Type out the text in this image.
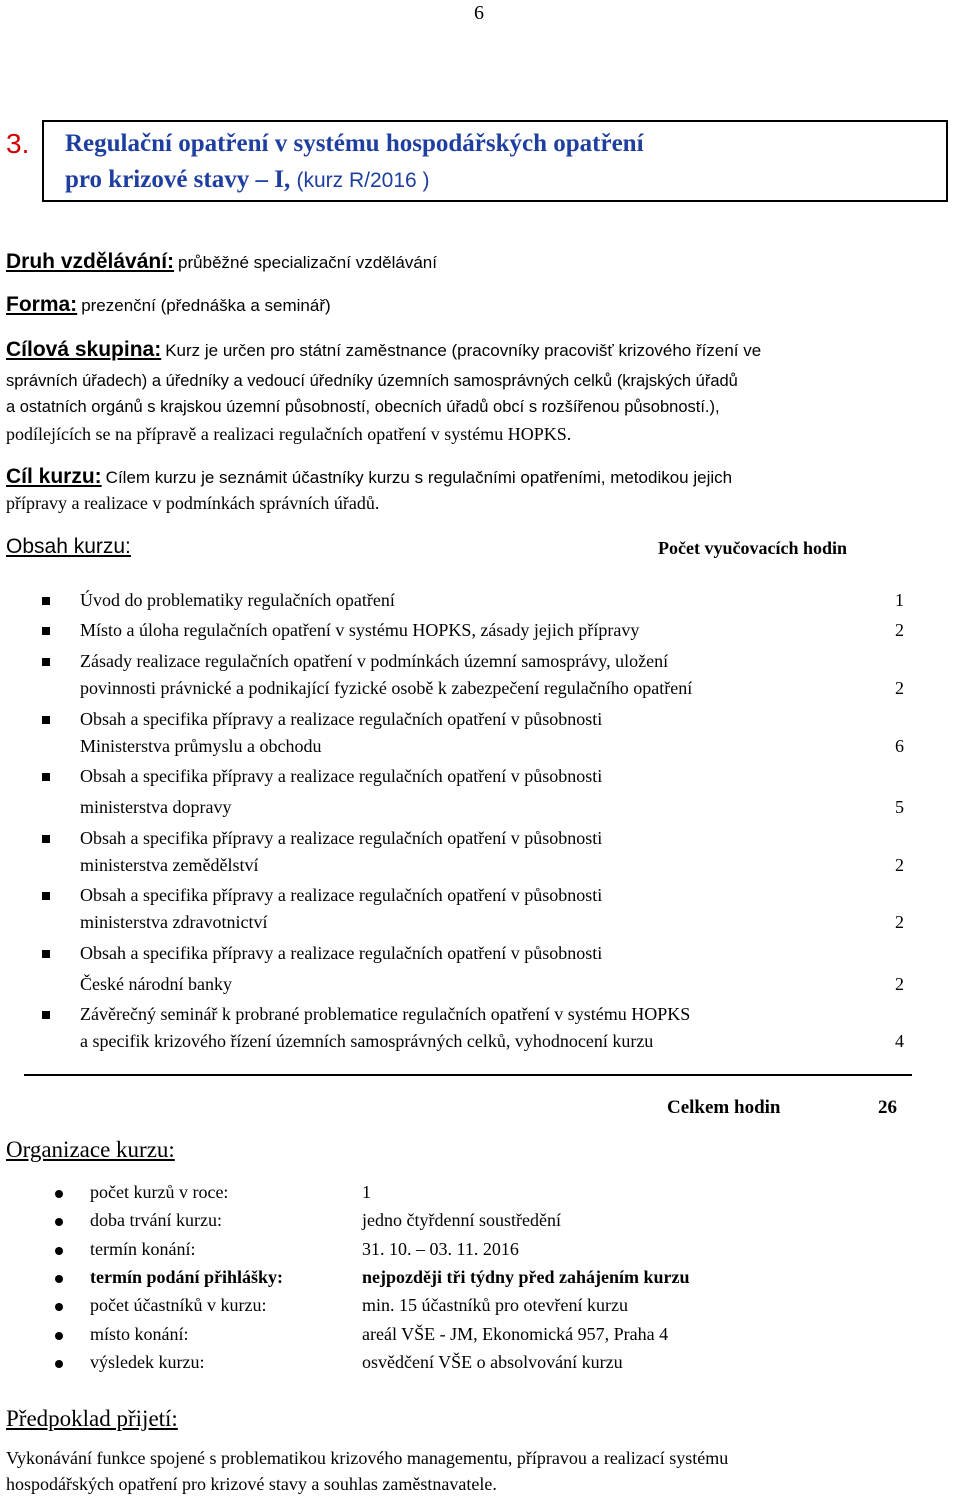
6
3. Regulační opatření v systému hospodářských opatření
pro krizové stavy – I, (kurz R/2016 )
Druh vzdělávání: průběžné specializační vzdělávání
Forma: prezenční (přednáška a seminář)
Cílová skupina: Kurz je určen pro státní zaměstnance (pracovníky pracovišť krizového řízení ve
správních úřadech) a úředníky a vedoucí úředníky územních samosprávných celků (krajských úřadů
a ostatních orgánů s krajskou územní působností, obecních úřadů obcí s rozšířenou působností.),
podílejících se na přípravě a realizaci regulačních opatření v systému HOPKS.
Cíl kurzu: Cílem kurzu je seznámit účastníky kurzu s regulačními opatřeními, metodikou jejich
přípravy a realizace v podmínkách správních úřadů.
Obsah kurzu:	Počet vyučovacích hodin
Úvod do problematiky regulačních opatření	1
Místo a úloha regulačních opatření v systému HOPKS, zásady jejich přípravy	2
Zásady realizace regulačních opatření v podmínkách územní samosprávy, uložení
povinnosti právnické a podnikající fyzické osobě k zabezpečení regulačního opatření	2
Obsah a specifika přípravy a realizace regulačních opatření v působnosti
Ministerstva průmyslu a obchodu	6
Obsah a specifika přípravy a realizace regulačních opatření v působnosti
ministerstva dopravy	5
Obsah a specifika přípravy a realizace regulačních opatření v působnosti
ministerstva zemědělství	2
Obsah a specifika přípravy a realizace regulačních opatření v působnosti
ministerstva zdravotnictví	2
Obsah a specifika přípravy a realizace regulačních opatření v působnosti
České národní banky	2
Závěrečný seminář k probrané problematice regulačních opatření v systému HOPKS
a specifik krizového řízení územních samosprávných celků, vyhodnocení kurzu	4
Celkem hodin	26
Organizace kurzu:
počet kurzů v roce:	1
doba trvání kurzu:	jedno čtyřdenní soustředění
termín konání:	31. 10. – 03. 11. 2016
termín podání přihlášky:	nejpozději tři týdny před zahájením kurzu
počet účastníků v kurzu:	min. 15 účastníků pro otevření kurzu
místo konání:	areál VŠE - JM, Ekonomická 957, Praha 4
výsledek kurzu:	osvědčení VŠE o absolvování kurzu
Předpoklad přijetí:
Vykonávání funkce spojené s problematikou krizového managementu, přípravou a realizací systému
hospodářských opatření pro krizové stavy a souhlas zaměstnavatele.
